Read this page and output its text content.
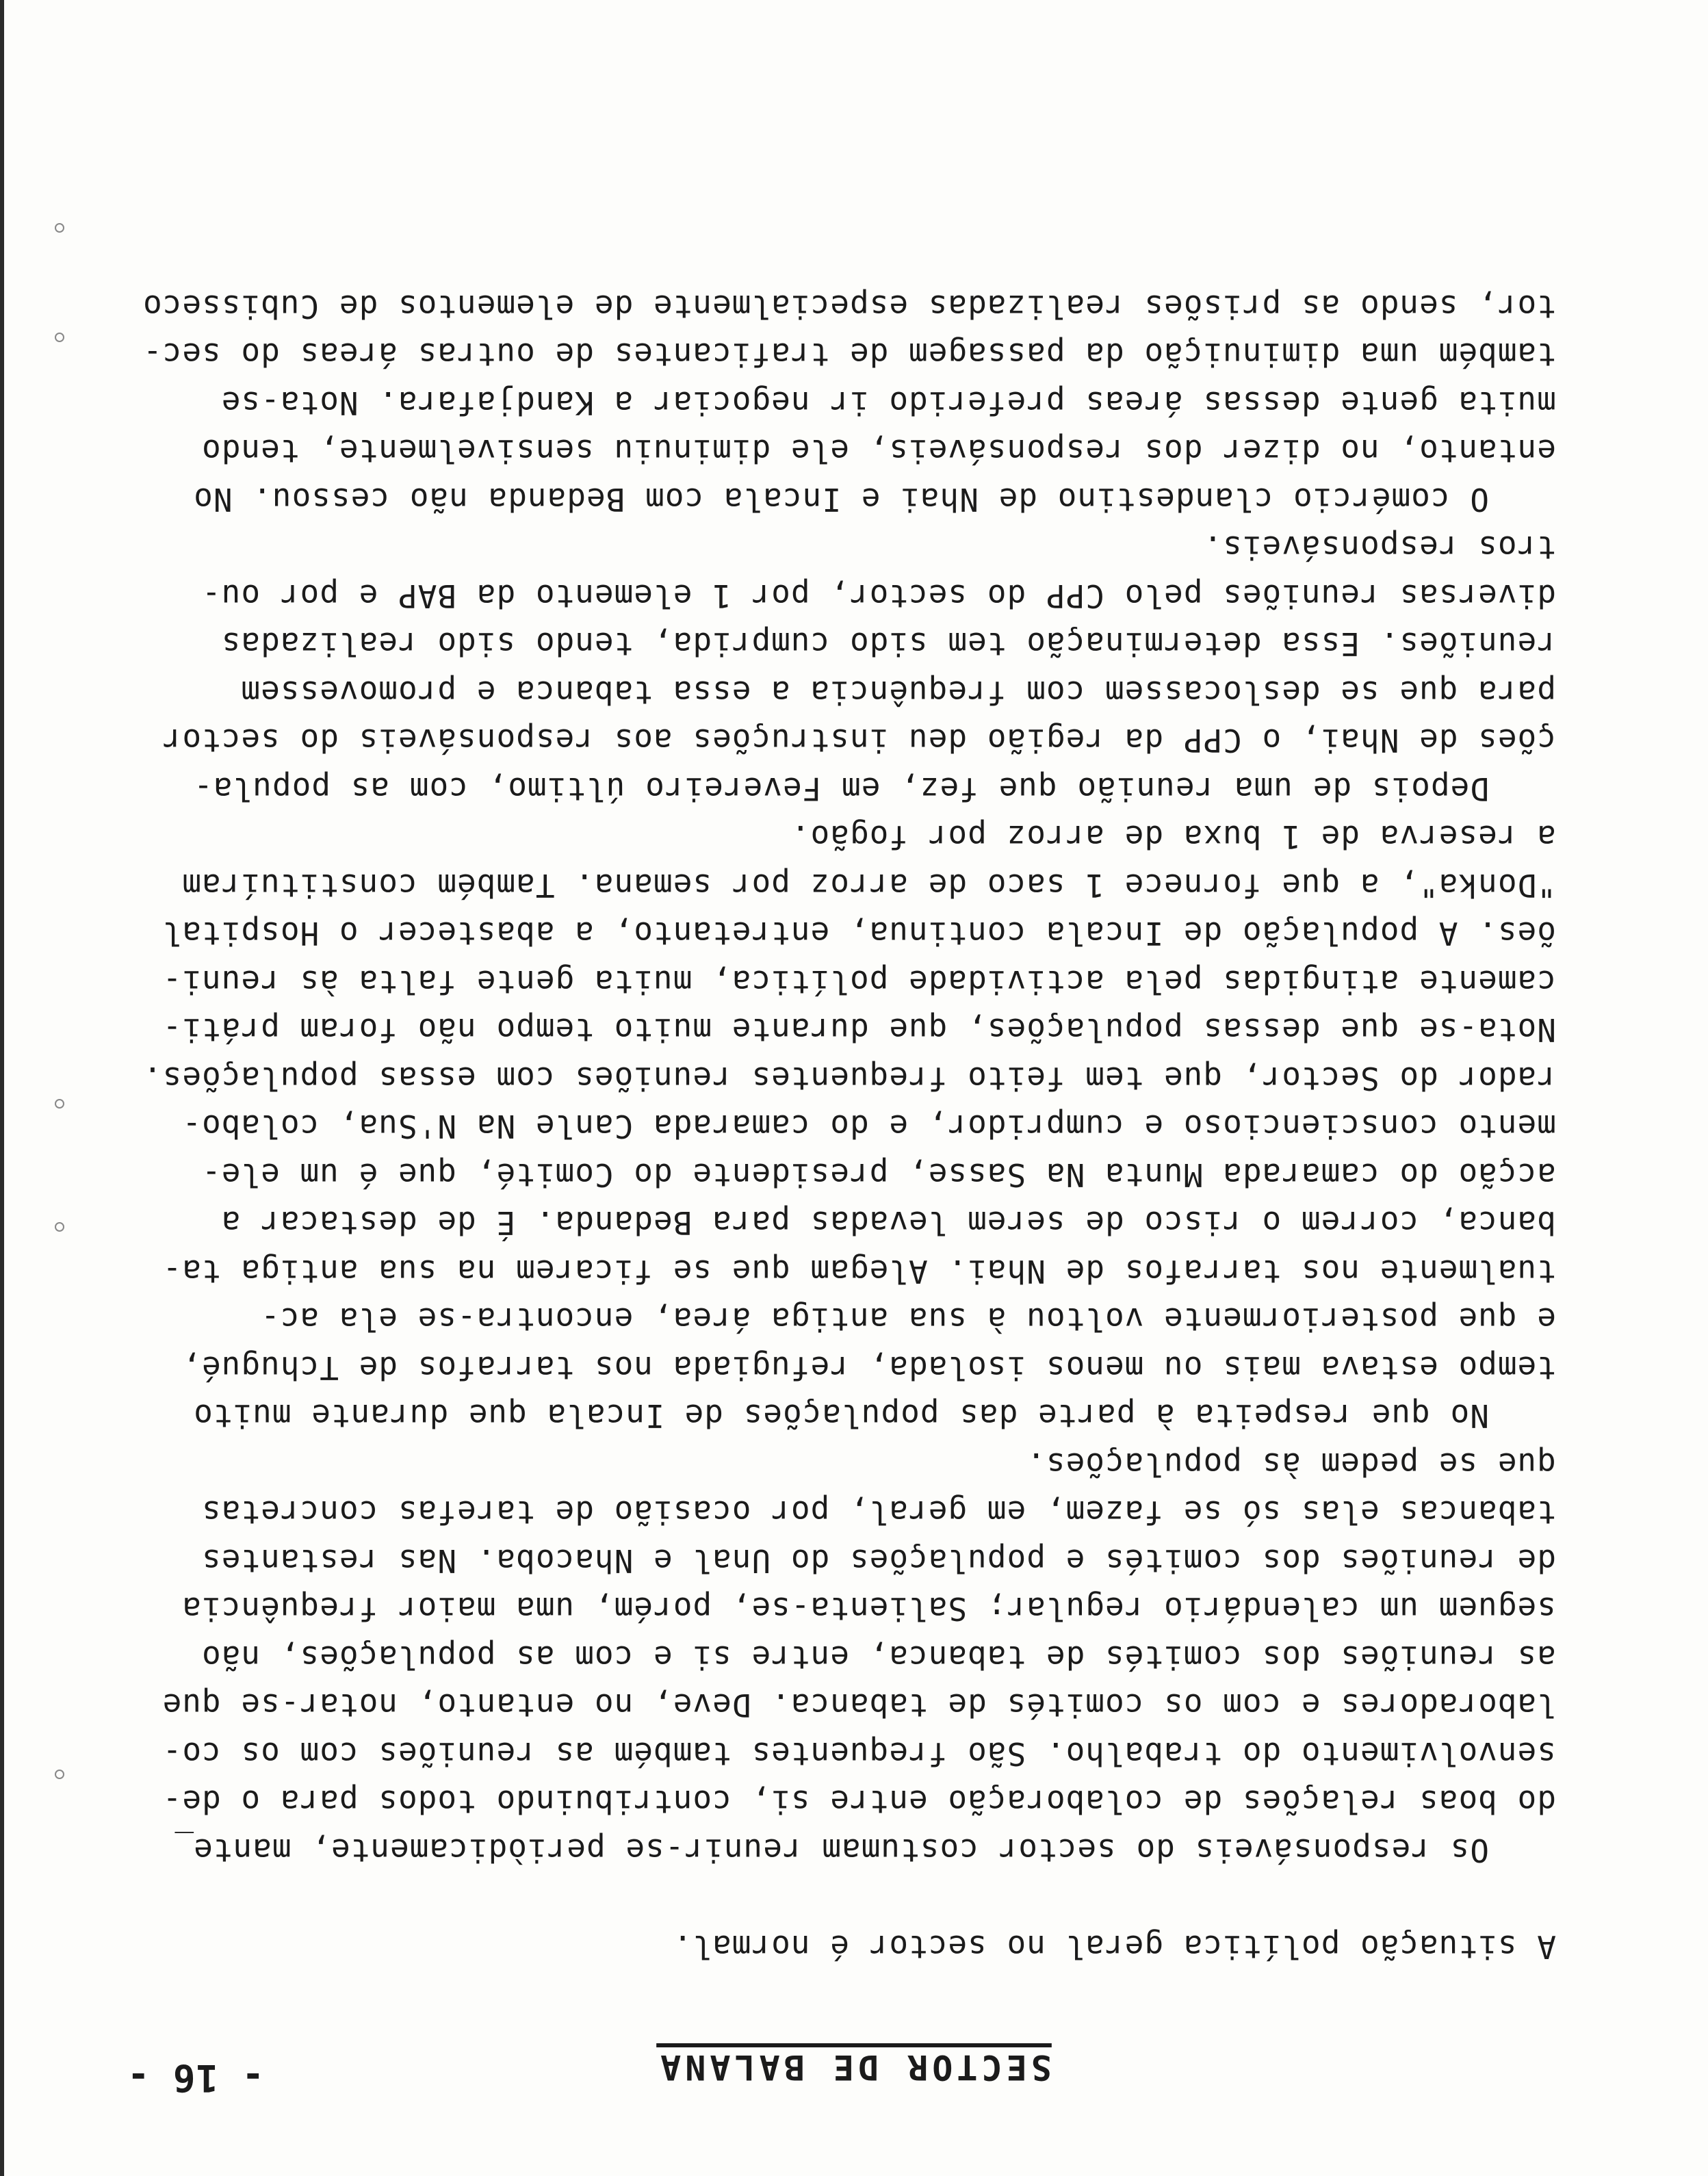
- 16 -	SECTOR DE BALANA
A situação política geral no sector é normal.
Os responsáveis do sector costumam reunir-se periòdicamente, mante̲
do boas relações de colaboração entre si, contribuindo todos para o de-
senvolvimento do trabalho. São frequentes também as reuniões com os co-
laboradores e com os comités de tabanca. Deve, no entanto, notar-se que
as reuniões dos comités de tabanca, entre si e com as populações, não
seguem um calendário regular; Salienta-se, porém, uma maior frequência
de reuniões dos comités e populações do Unal e Nhacoba. Nas restantes
tabancas elas só se fazem, em geral, por ocasião de tarefas concretas
que se pedem às populações.
No que respeita à parte das populações de Incala que durante muito
tempo estava mais ou menos isolada, refugiada nos tarrafos de Tchugué,
e que posteriormente voltou à sua antiga área, encontra-se ela ac-
tualmente nos tarrafos de Nhai. Alegam que se ficarem na sua antiga ta-
banca, correm o risco de serem levadas para Bedanda. É de destacar a
acção do camarada Munta Na Sasse, presidente do Comité, que é um ele-
mento consciencioso e cumpridor, e do camarada Canle Na N'Sua, colabo-
rador do Sector, que tem feito frequentes reuniões com essas populações.
Nota-se que dessas populações, que durante muito tempo não foram práti-
camente atingidas pela actividade política, muita gente falta às reuni-
ões. A população de Incala continua, entretanto, a abastecer o Hospital
"Donka", a que fornece 1 saco de arroz por semana. Também constituíram
a reserva de 1 buxa de arroz por fogão.
Depois de uma reunião que fez, em Fevereiro último, com as popula-
ções de Nhai, o CPP da região deu instruções aos responsáveis do sector
para que se deslocassem com frequência a essa tabanca e promovessem
reuniões. Essa determinação tem sido cumprida, tendo sido realizadas
diversas reuniões pelo CPP do sector, por 1 elemento da BAP e por ou-
tros responsáveis.
O comércio clandestino de Nhai e Incala com Bedanda não cessou. No
entanto, no dizer dos responsáveis, ele diminuiu sensivelmente, tendo
muita gente dessas áreas preferido ir negociar a Kandjafara. Nota-se
também uma diminuição da passagem de traficantes de outras áreas do sec-
tor, sendo as prisões realizadas especialmente de elementos de Cubisseco
